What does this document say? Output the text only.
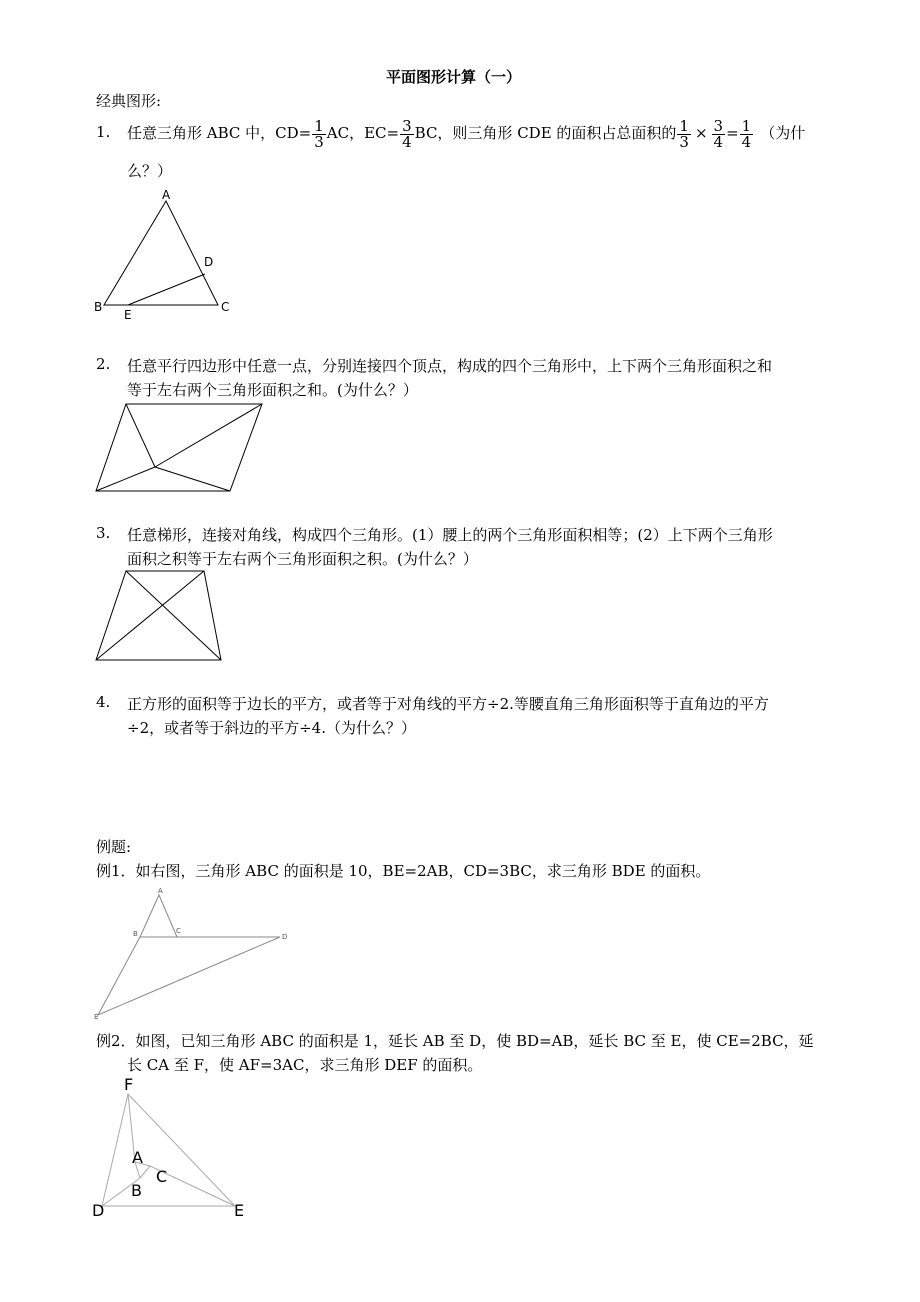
平面图形计算（一）
经典图形:
1. 任意三角形 ABC 中，$CD= \frac{1}{3}$ AC，$EC= \frac{3}{4}$ BC，则三角形 CDE 的面积占总面积的 $\frac{1}{3} \times \frac{3}{4} = \frac{1}{4}$ （为什
么？）
A
B	C
D
E
2. 任意平行四边形中任意一点，分别连接四个顶点，构成的四个三角形中，上下两个三角形面积之和
等于左右两个三角形面积之和。(为什么？）
3. 任意梯形，连接对角线，构成四个三角形。(1）腰上的两个三角形面积相等；(2）上下两个三角形
面积之积等于左右两个三角形面积之积。(为什么？）
4. 正方形的面积等于边长的平方，或者等于对角线的平方÷2.等腰直角三角形面积等于直角边的平方
÷2，或者等于斜边的平方÷4.（为什么？）
例题:
例1．如右图，三角形 ABC 的面积是 10，BE=2AB，CD=3BC，求三角形 BDE 的面积。
A
B	C
D
E
例2．如图，已知三角形 ABC 的面积是 1，延长 AB 至 D，使 BD=AB，延长 BC 至 E，使 CE=2BC，延
长 CA 至 F，使 AF=3AC，求三角形 DEF 的面积。
F
A
B
C
D	E
